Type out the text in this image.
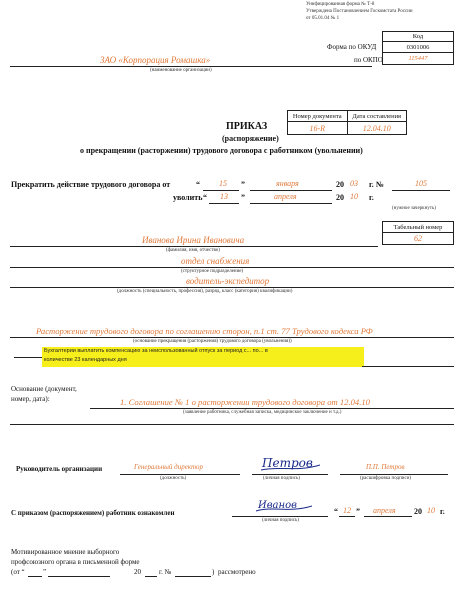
Унифицированная форма № Т-8
Утверждена Постановлением Госкомстата России
от 05.01.04 № 1
Код
0301006
115447
Форма по ОКУД
по ОКПО
ЗАО «Корпорация Ромашка»
(наименование организации)
Номер документа	Дата составления
16-R	12.04.10
ПРИКАЗ
(распоряжение)
о прекращении (расторжении) трудового договора с работником (увольнении)
Прекратить действие трудового договора от	“ 15 ”	января	20 03 г. №	105
уволить “ 13 ”	апреля	20 10 г.
(нужное зачеркнуть)
Табельный номер
62
Иванова Ирина Ивановича
(фамилия, имя, отчество)
отдел снабжения
(структурное подразделение)
водитель-экспедитор
(должность (специальность, профессия), разряд, класс (категория) квалификации)
Расторжение трудового договора по соглашению сторон, п.1 ст. 77 Трудового кодекса РФ
(основание прекращения (расторжения) трудового договора (увольнения))
Бухгалтерии выплатить компенсацию за неиспользованный отпуск за период с... по... в
количестве 23 календарных дня
Основание (документ,
номер, дата):	1. Соглашение № 1 о расторжении трудового договора от 12.04.10
(заявление работника, служебная записка, медицинское заключение и т.д.)
Руководитель организации	Генеральный директор
(должность)
Петров
(личная подпись)
П.П. Петров
(расшифровка подписи)
С приказом (распоряжением) работник ознакомлен
Иванов
(личная подпись)
“ 12 ” апреля 20 10 г.
Мотивированное мнение выборного
профсоюзного органа в письменной форме
(от “	”	20	г. №	) рассмотрено
